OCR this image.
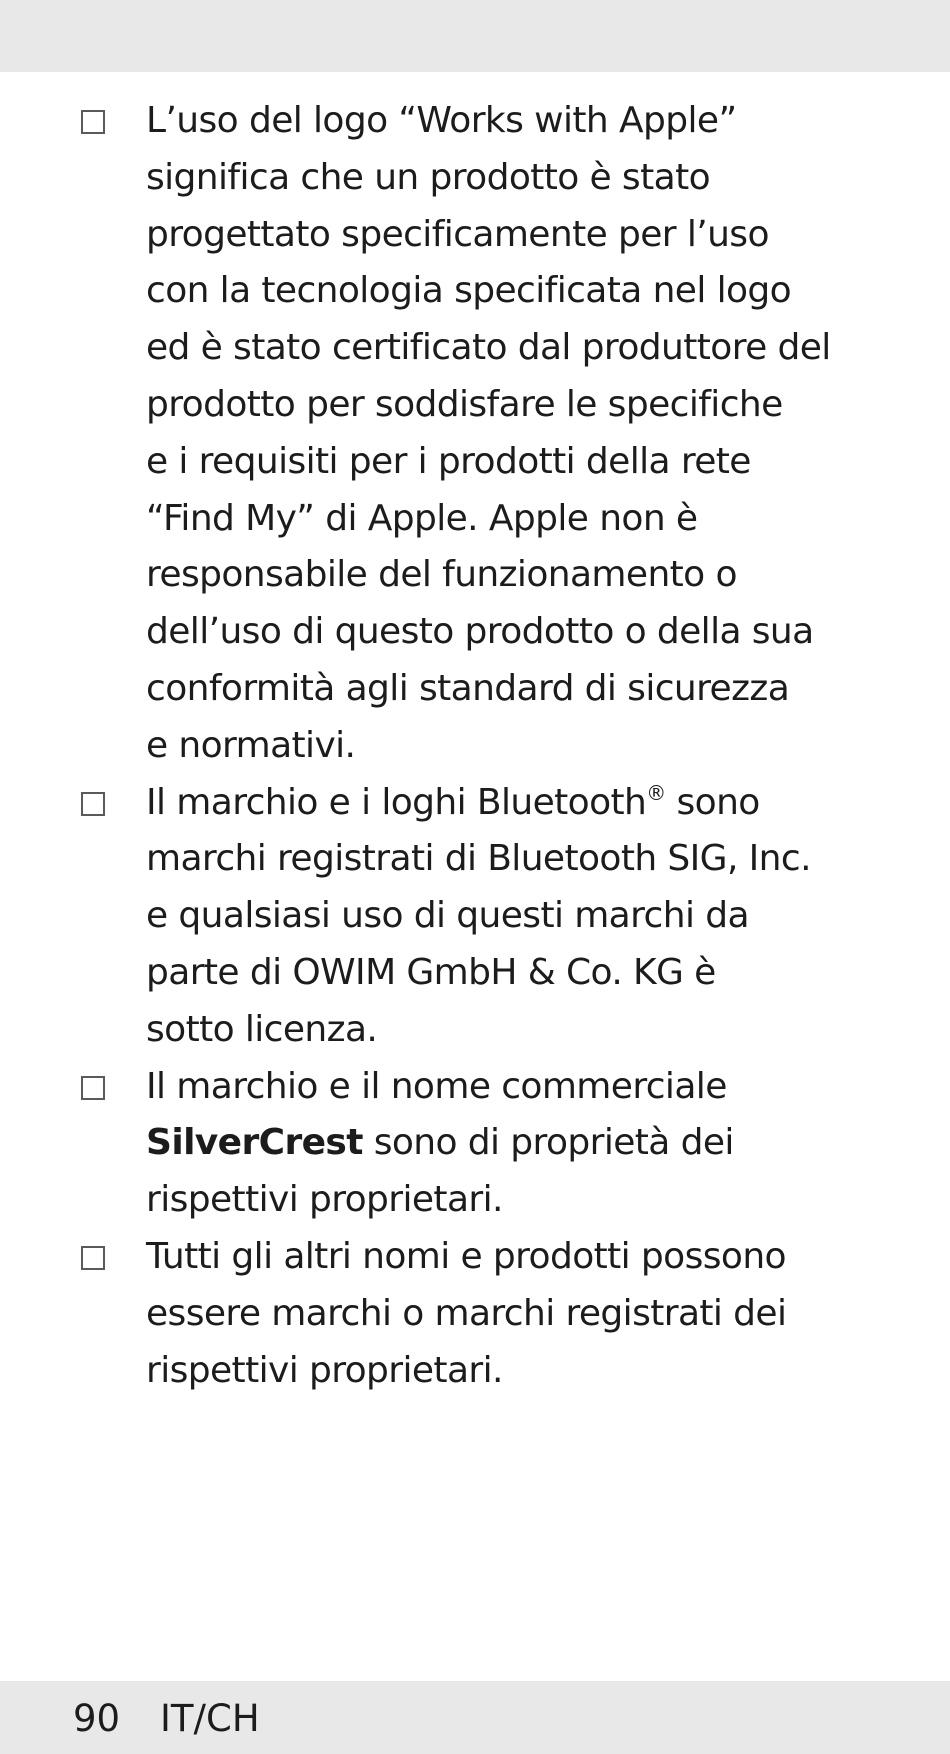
L’uso del logo “Works with Apple”
significa che un prodotto è stato
progettato specificamente per l’uso
con la tecnologia specificata nel logo
ed è stato certificato dal produttore del
prodotto per soddisfare le specifiche
e i requisiti per i prodotti della rete
“Find My” di Apple. Apple non è
responsabile del funzionamento o
dell’uso di questo prodotto o della sua
conformità agli standard di sicurezza
e normativi.
Il marchio e i loghi Bluetooth® sono
marchi registrati di Bluetooth SIG, Inc.
e qualsiasi uso di questi marchi da
parte di OWIM GmbH & Co. KG è
sotto licenza.
Il marchio e il nome commerciale
SilverCrest sono di proprietà dei
rispettivi proprietari.
Tutti gli altri nomi e prodotti possono
essere marchi o marchi registrati dei
rispettivi proprietari.
90 IT/CH
